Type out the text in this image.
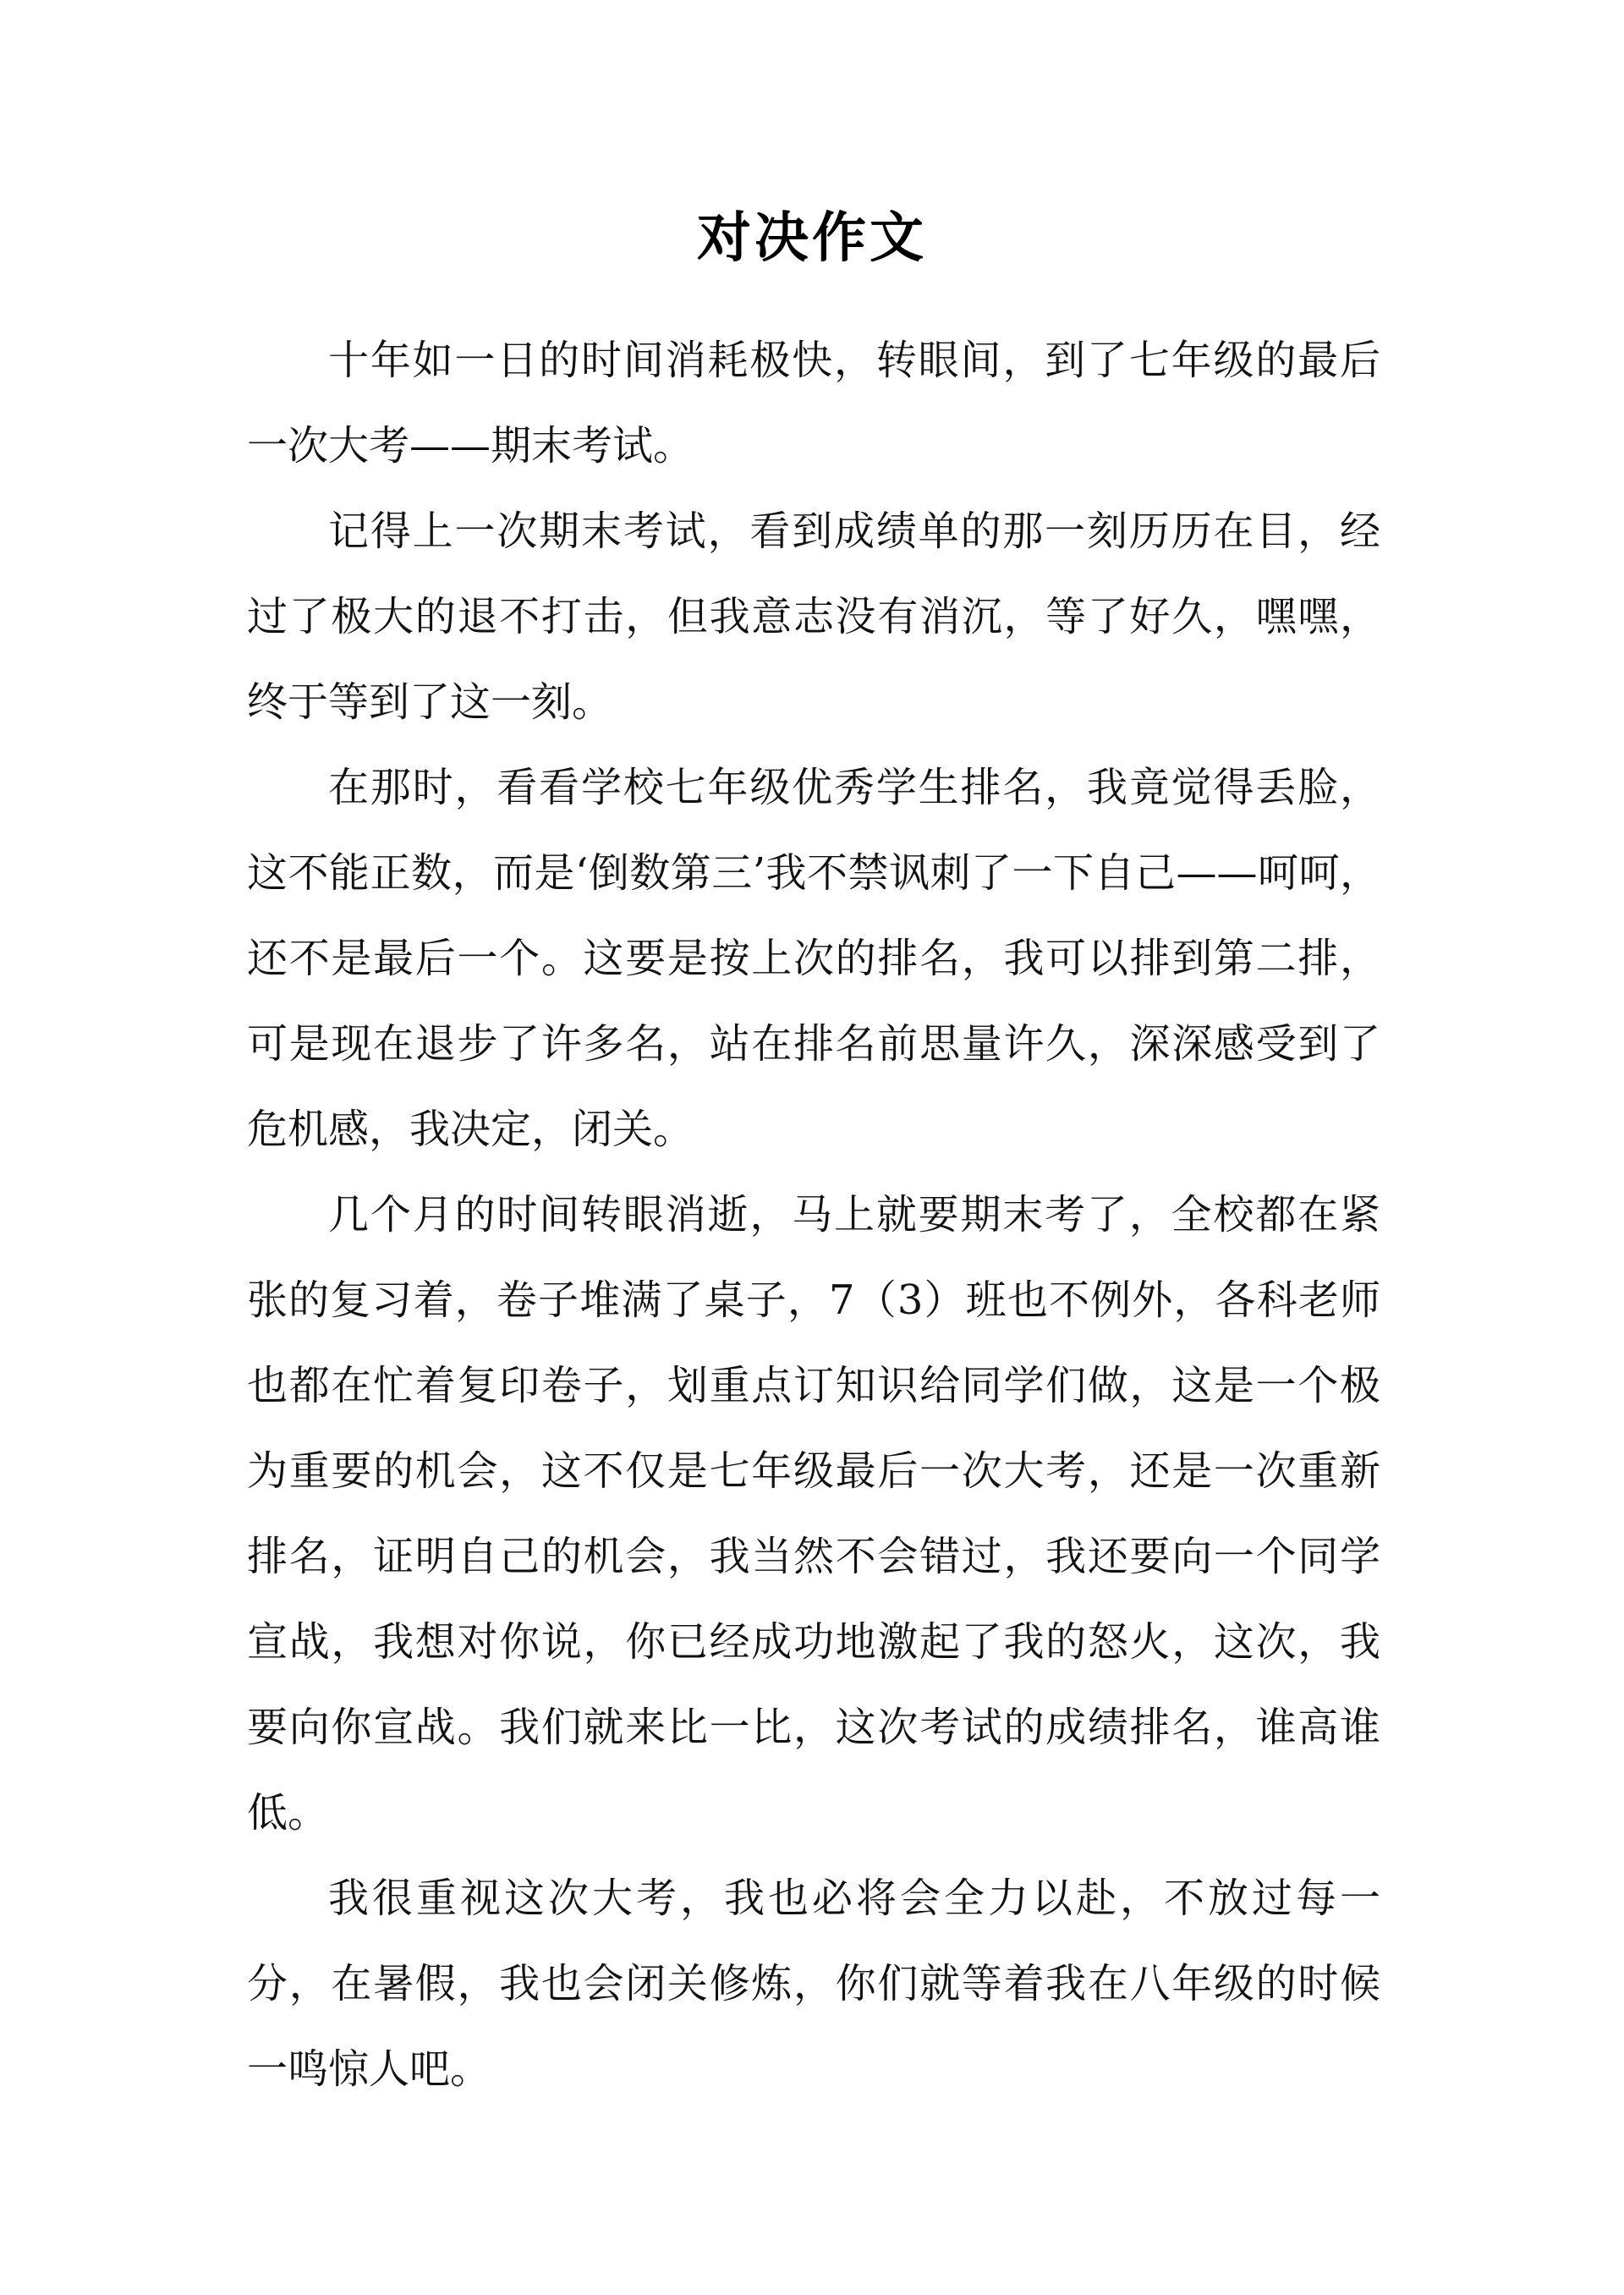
对决作文

十年如一日的时间消耗极快，转眼间，到了七年级的最后一次大考——期末考试。

记得上一次期末考试，看到成绩单的那一刻历历在目，经过了极大的退不打击，但我意志没有消沉，等了好久，嘿嘿，终于等到了这一刻。

在那时，看看学校七年级优秀学生排名，我竟觉得丢脸，这不能正数，而是‘倒数第三’我不禁讽刺了一下自己——呵呵，还不是最后一个。这要是按上次的排名，我可以排到第二排，可是现在退步了许多名，站在排名前思量许久，深深感受到了危机感，我决定，闭关。

几个月的时间转眼消逝，马上就要期末考了，全校都在紧张的复习着，卷子堆满了桌子，7（3）班也不例外，各科老师也都在忙着复印卷子，划重点订知识给同学们做，这是一个极为重要的机会，这不仅是七年级最后一次大考，还是一次重新排名，证明自己的机会，我当然不会错过，我还要向一个同学宣战，我想对你说，你已经成功地激起了我的怒火，这次，我要向你宣战。我们就来比一比，这次考试的成绩排名，谁高谁低。

我很重视这次大考，我也必将会全力以赴，不放过每一分，在暑假，我也会闭关修炼，你们就等着我在八年级的时候一鸣惊人吧。
